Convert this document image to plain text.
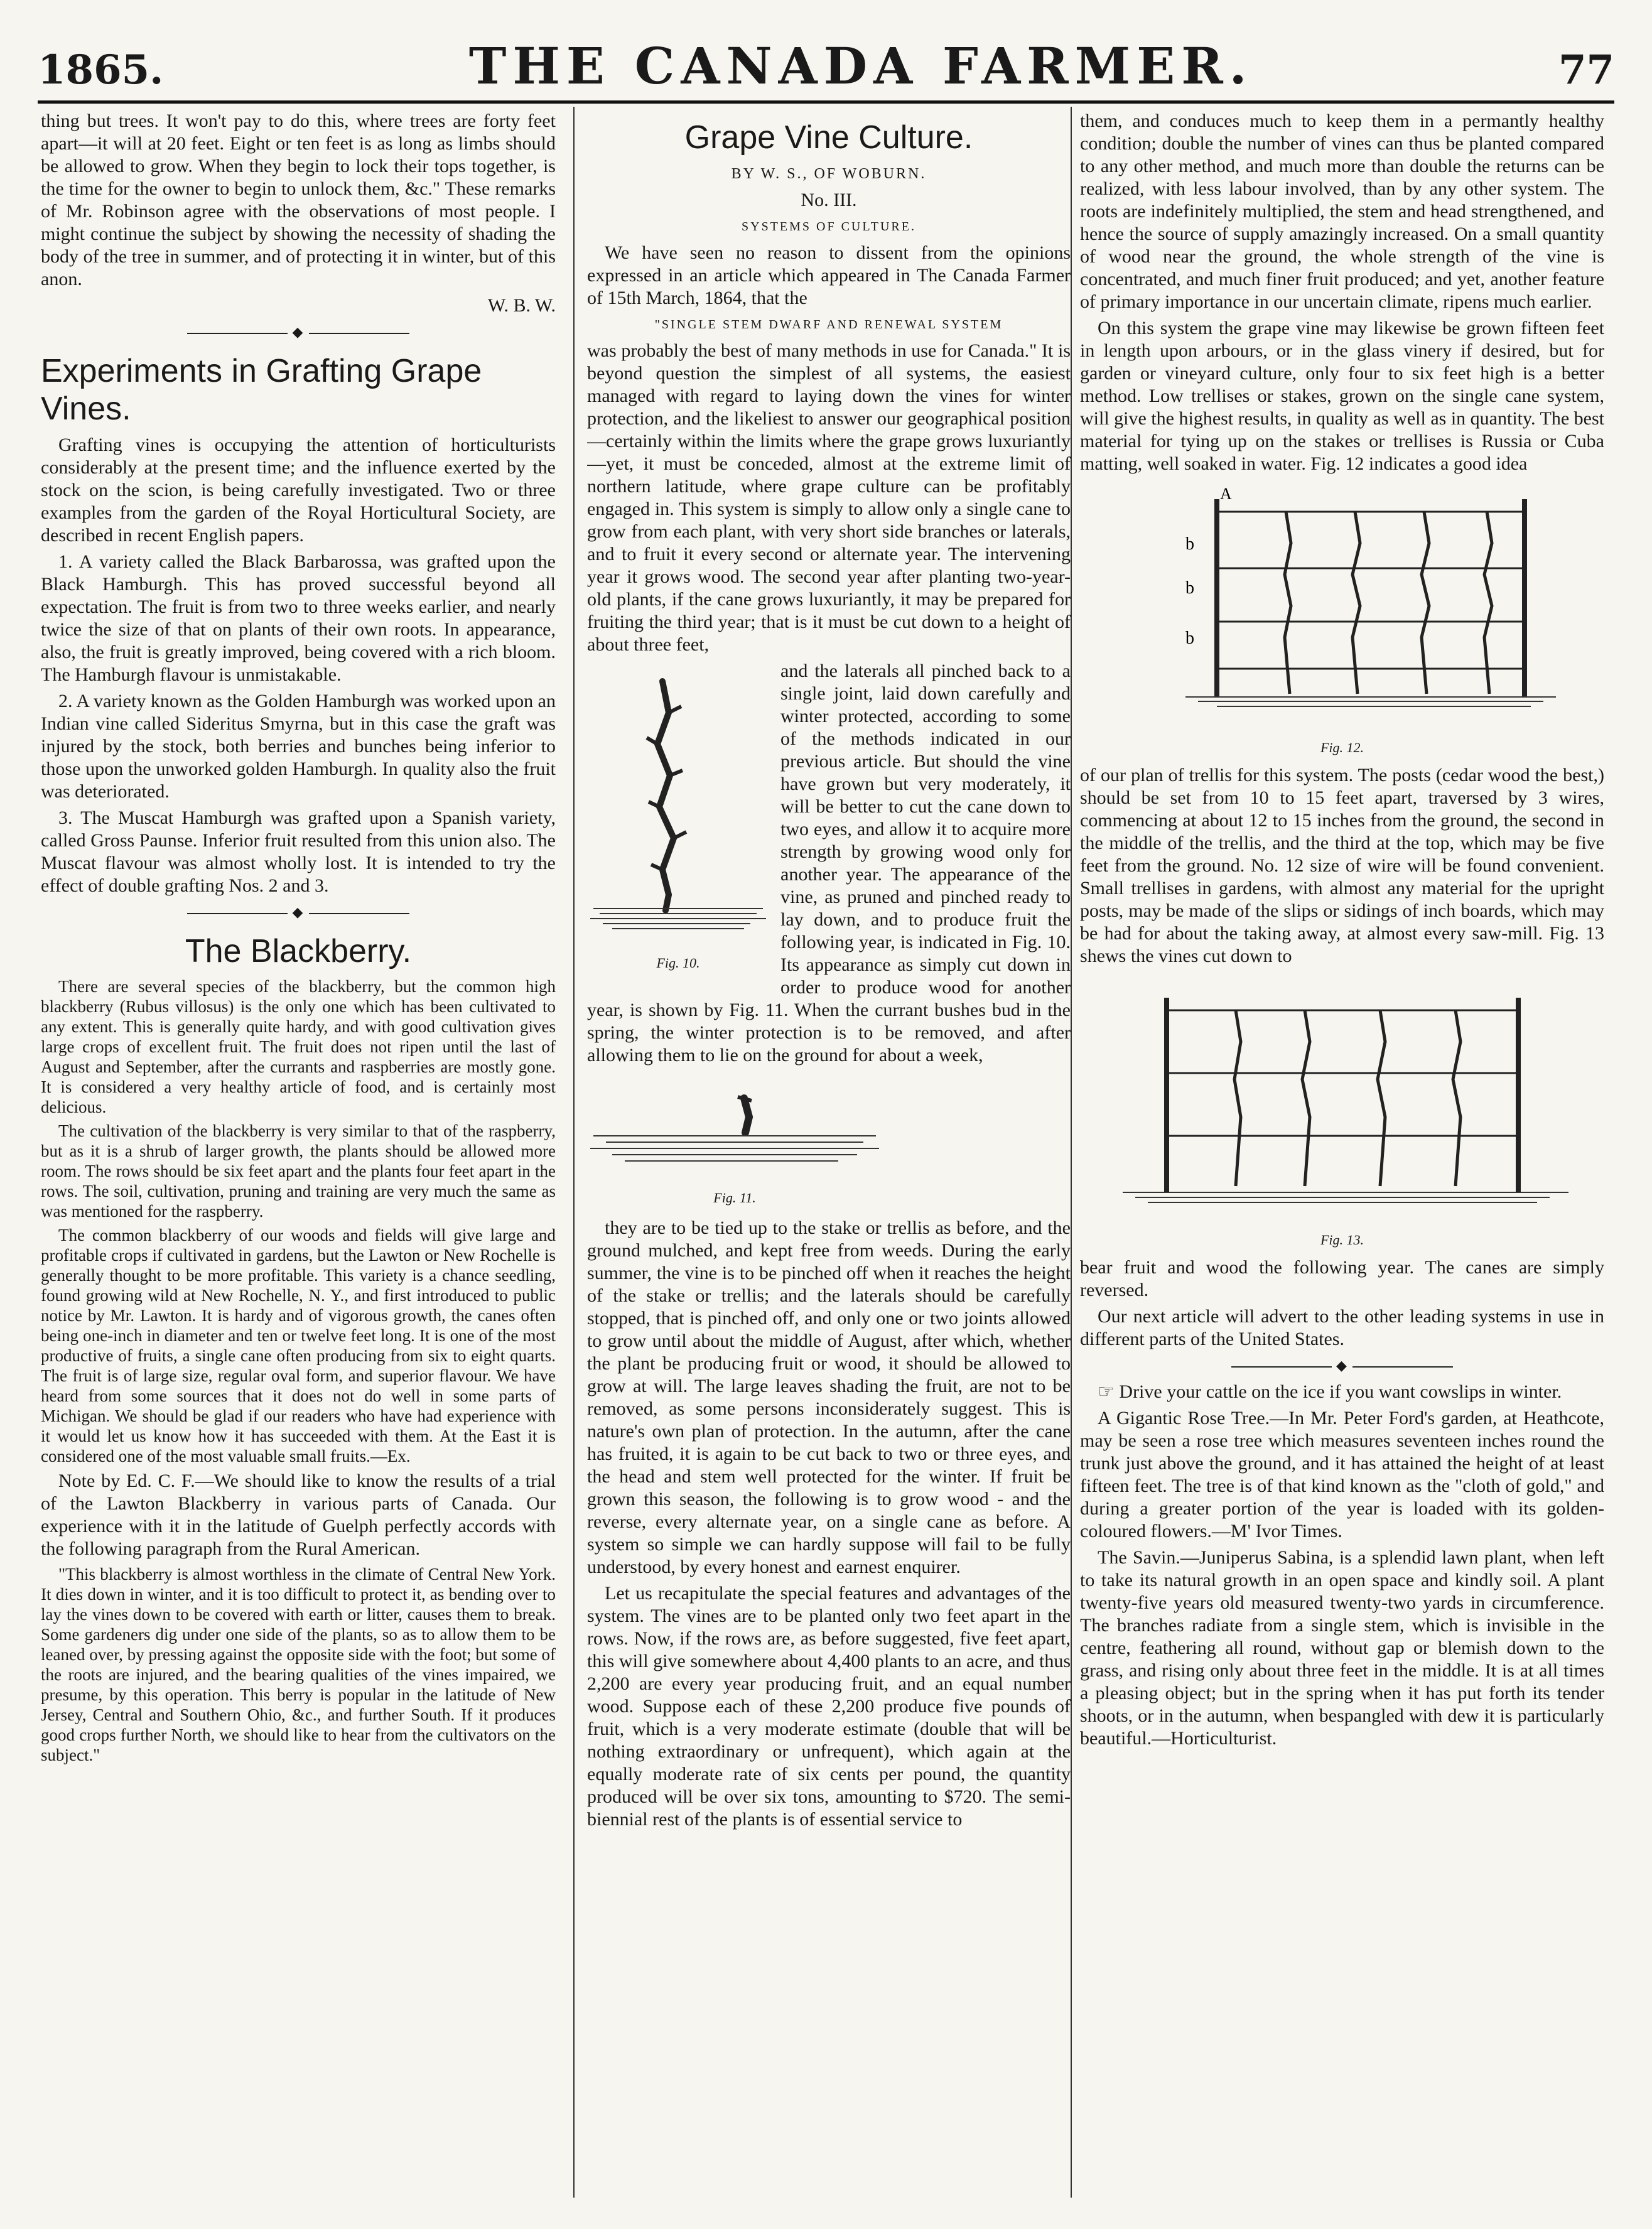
1865.	THE CANADA FARMER.	77

thing but trees. It won't pay to do this, where trees are forty feet apart—it will at 20 feet. Eight or ten feet is as long as limbs should be allowed to grow. When they begin to lock their tops together, is the time for the owner to begin to unlock them, &c." These remarks of Mr. Robinson agree with the observations of most people. I might continue the subject by showing the necessity of shading the body of the tree in summer, and of protecting it in winter, but of this anon.

W. B. W.

◆
Experiments in Grafting Grape Vines.

Grafting vines is occupying the attention of horticulturists considerably at the present time; and the influence exerted by the stock on the scion, is being carefully investigated. Two or three examples from the garden of the Royal Horticultural Society, are described in recent English papers.

1. A variety called the Black Barbarossa, was grafted upon the Black Hamburgh. This has proved successful beyond all expectation. The fruit is from two to three weeks earlier, and nearly twice the size of that on plants of their own roots. In appearance, also, the fruit is greatly improved, being covered with a rich bloom. The Hamburgh flavour is unmistakable.

2. A variety known as the Golden Hamburgh was worked upon an Indian vine called Sideritus Smyrna, but in this case the graft was injured by the stock, both berries and bunches being inferior to those upon the unworked golden Hamburgh. In quality also the fruit was deteriorated.

3. The Muscat Hamburgh was grafted upon a Spanish variety, called Gross Paunse. Inferior fruit resulted from this union also. The Muscat flavour was almost wholly lost. It is intended to try the effect of double grafting Nos. 2 and 3.

◆
The Blackberry.

There are several species of the blackberry, but the common high blackberry (Rubus villosus) is the only one which has been cultivated to any extent. This is generally quite hardy, and with good cultivation gives large crops of excellent fruit. The fruit does not ripen until the last of August and September, after the currants and raspberries are mostly gone. It is considered a very healthy article of food, and is certainly most delicious.

The cultivation of the blackberry is very similar to that of the raspberry, but as it is a shrub of larger growth, the plants should be allowed more room. The rows should be six feet apart and the plants four feet apart in the rows. The soil, cultivation, pruning and training are very much the same as was mentioned for the raspberry.

The common blackberry of our woods and fields will give large and profitable crops if cultivated in gardens, but the Lawton or New Rochelle is generally thought to be more profitable. This variety is a chance seedling, found growing wild at New Rochelle, N. Y., and first introduced to public notice by Mr. Lawton. It is hardy and of vigorous growth, the canes often being one-inch in diameter and ten or twelve feet long. It is one of the most productive of fruits, a single cane often producing from six to eight quarts. The fruit is of large size, regular oval form, and superior flavour. We have heard from some sources that it does not do well in some parts of Michigan. We should be glad if our readers who have had experience with it would let us know how it has succeeded with them. At the East it is considered one of the most valuable small fruits.—Ex.

Note by Ed. C. F.—We should like to know the results of a trial of the Lawton Blackberry in various parts of Canada. Our experience with it in the latitude of Guelph perfectly accords with the following paragraph from the Rural American.

"This blackberry is almost worthless in the climate of Central New York. It dies down in winter, and it is too difficult to protect it, as bending over to lay the vines down to be covered with earth or litter, causes them to break. Some gardeners dig under one side of the plants, so as to allow them to be leaned over, by pressing against the opposite side with the foot; but some of the roots are injured, and the bearing qualities of the vines impaired, we presume, by this operation. This berry is popular in the latitude of New Jersey, Central and Southern Ohio, &c., and further South. If it produces good crops further North, we should like to hear from the cultivators on the subject."

Grape Vine Culture.
BY W. S., OF WOBURN.
No. III.
SYSTEMS OF CULTURE.

We have seen no reason to dissent from the opinions expressed in an article which appeared in The Canada Farmer of 15th March, 1864, that the

"SINGLE STEM DWARF AND RENEWAL SYSTEM

was probably the best of many methods in use for Canada." It is beyond question the simplest of all systems, the easiest managed with regard to laying down the vines for winter protection, and the likeliest to answer our geographical position—certainly within the limits where the grape grows luxuriantly—yet, it must be conceded, almost at the extreme limit of northern latitude, where grape culture can be profitably engaged in. This system is simply to allow only a single cane to grow from each plant, with very short side branches or laterals, and to fruit it every second or alternate year. The intervening year it grows wood. The second year after planting two-year-old plants, if the cane grows luxuriantly, it may be prepared for fruiting the third year; that is it must be cut down to a height of about three feet,

Fig. 10.

and the laterals all pinched back to a single joint, laid down carefully and winter protected, according to some of the methods indicated in our previous article. But should the vine have grown but very moderately, it will be better to cut the cane down to two eyes, and allow it to acquire more strength by growing wood only for another year. The appearance of the vine, as pruned and pinched ready to lay down, and to produce fruit the following year, is indicated in Fig. 10. Its appearance as simply cut down in order to produce wood for another year, is shown by Fig. 11. When the currant bushes bud in the spring, the winter protection is to be removed, and after allowing them to lie on the ground for about a week,

Fig. 11.

they are to be tied up to the stake or trellis as before, and the ground mulched, and kept free from weeds. During the early summer, the vine is to be pinched off when it reaches the height of the stake or trellis; and the laterals should be carefully stopped, that is pinched off, and only one or two joints allowed to grow until about the middle of August, after which, whether the plant be producing fruit or wood, it should be allowed to grow at will. The large leaves shading the fruit, are not to be removed, as some persons inconsiderately suggest. This is nature's own plan of protection. In the autumn, after the cane has fruited, it is again to be cut back to two or three eyes, and the head and stem well protected for the winter. If fruit be grown this season, the following is to grow wood - and the reverse, every alternate year, on a single cane as before. A system so simple we can hardly suppose will fail to be fully understood, by every honest and earnest enquirer.

Let us recapitulate the special features and advantages of the system. The vines are to be planted only two feet apart in the rows. Now, if the rows are, as before suggested, five feet apart, this will give somewhere about 4,400 plants to an acre, and thus 2,200 are every year producing fruit, and an equal number wood. Suppose each of these 2,200 produce five pounds of fruit, which is a very moderate estimate (double that will be nothing extraordinary or unfrequent), which again at the equally moderate rate of six cents per pound, the quantity produced will be over six tons, amounting to $720. The semi-biennial rest of the plants is of essential service to

them, and conduces much to keep them in a permantly healthy condition; double the number of vines can thus be planted compared to any other method, and much more than double the returns can be realized, with less labour involved, than by any other system. The roots are indefinitely multiplied, the stem and head strengthened, and hence the source of supply amazingly increased. On a small quantity of wood near the ground, the whole strength of the vine is concentrated, and much finer fruit produced; and yet, another feature of primary importance in our uncertain climate, ripens much earlier.

On this system the grape vine may likewise be grown fifteen feet in length upon arbours, or in the glass vinery if desired, but for garden or vineyard culture, only four to six feet high is a better method. Low trellises or stakes, grown on the single cane system, will give the highest results, in quality as well as in quantity. The best material for tying up on the stakes or trellises is Russia or Cuba matting, well soaked in water. Fig. 12 indicates a good idea

A
b
b
b
Fig. 12.

of our plan of trellis for this system. The posts (cedar wood the best,) should be set from 10 to 15 feet apart, traversed by 3 wires, commencing at about 12 to 15 inches from the ground, the second in the middle of the trellis, and the third at the top, which may be five feet from the ground. No. 12 size of wire will be found convenient. Small trellises in gardens, with almost any material for the upright posts, may be made of the slips or sidings of inch boards, which may be had for about the taking away, at almost every saw-mill. Fig. 13 shews the vines cut down to

Fig. 13.

bear fruit and wood the following year. The canes are simply reversed.

Our next article will advert to the other leading systems in use in different parts of the United States.

◆

☞ Drive your cattle on the ice if you want cowslips in winter.

A Gigantic Rose Tree.—In Mr. Peter Ford's garden, at Heathcote, may be seen a rose tree which measures seventeen inches round the trunk just above the ground, and it has attained the height of at least fifteen feet. The tree is of that kind known as the "cloth of gold," and during a greater portion of the year is loaded with its golden-coloured flowers.—M' Ivor Times.

The Savin.—Juniperus Sabina, is a splendid lawn plant, when left to take its natural growth in an open space and kindly soil. A plant twenty-five years old measured twenty-two yards in circumference. The branches radiate from a single stem, which is invisible in the centre, feathering all round, without gap or blemish down to the grass, and rising only about three feet in the middle. It is at all times a pleasing object; but in the spring when it has put forth its tender shoots, or in the autumn, when bespangled with dew it is particularly beautiful.—Horticulturist.
